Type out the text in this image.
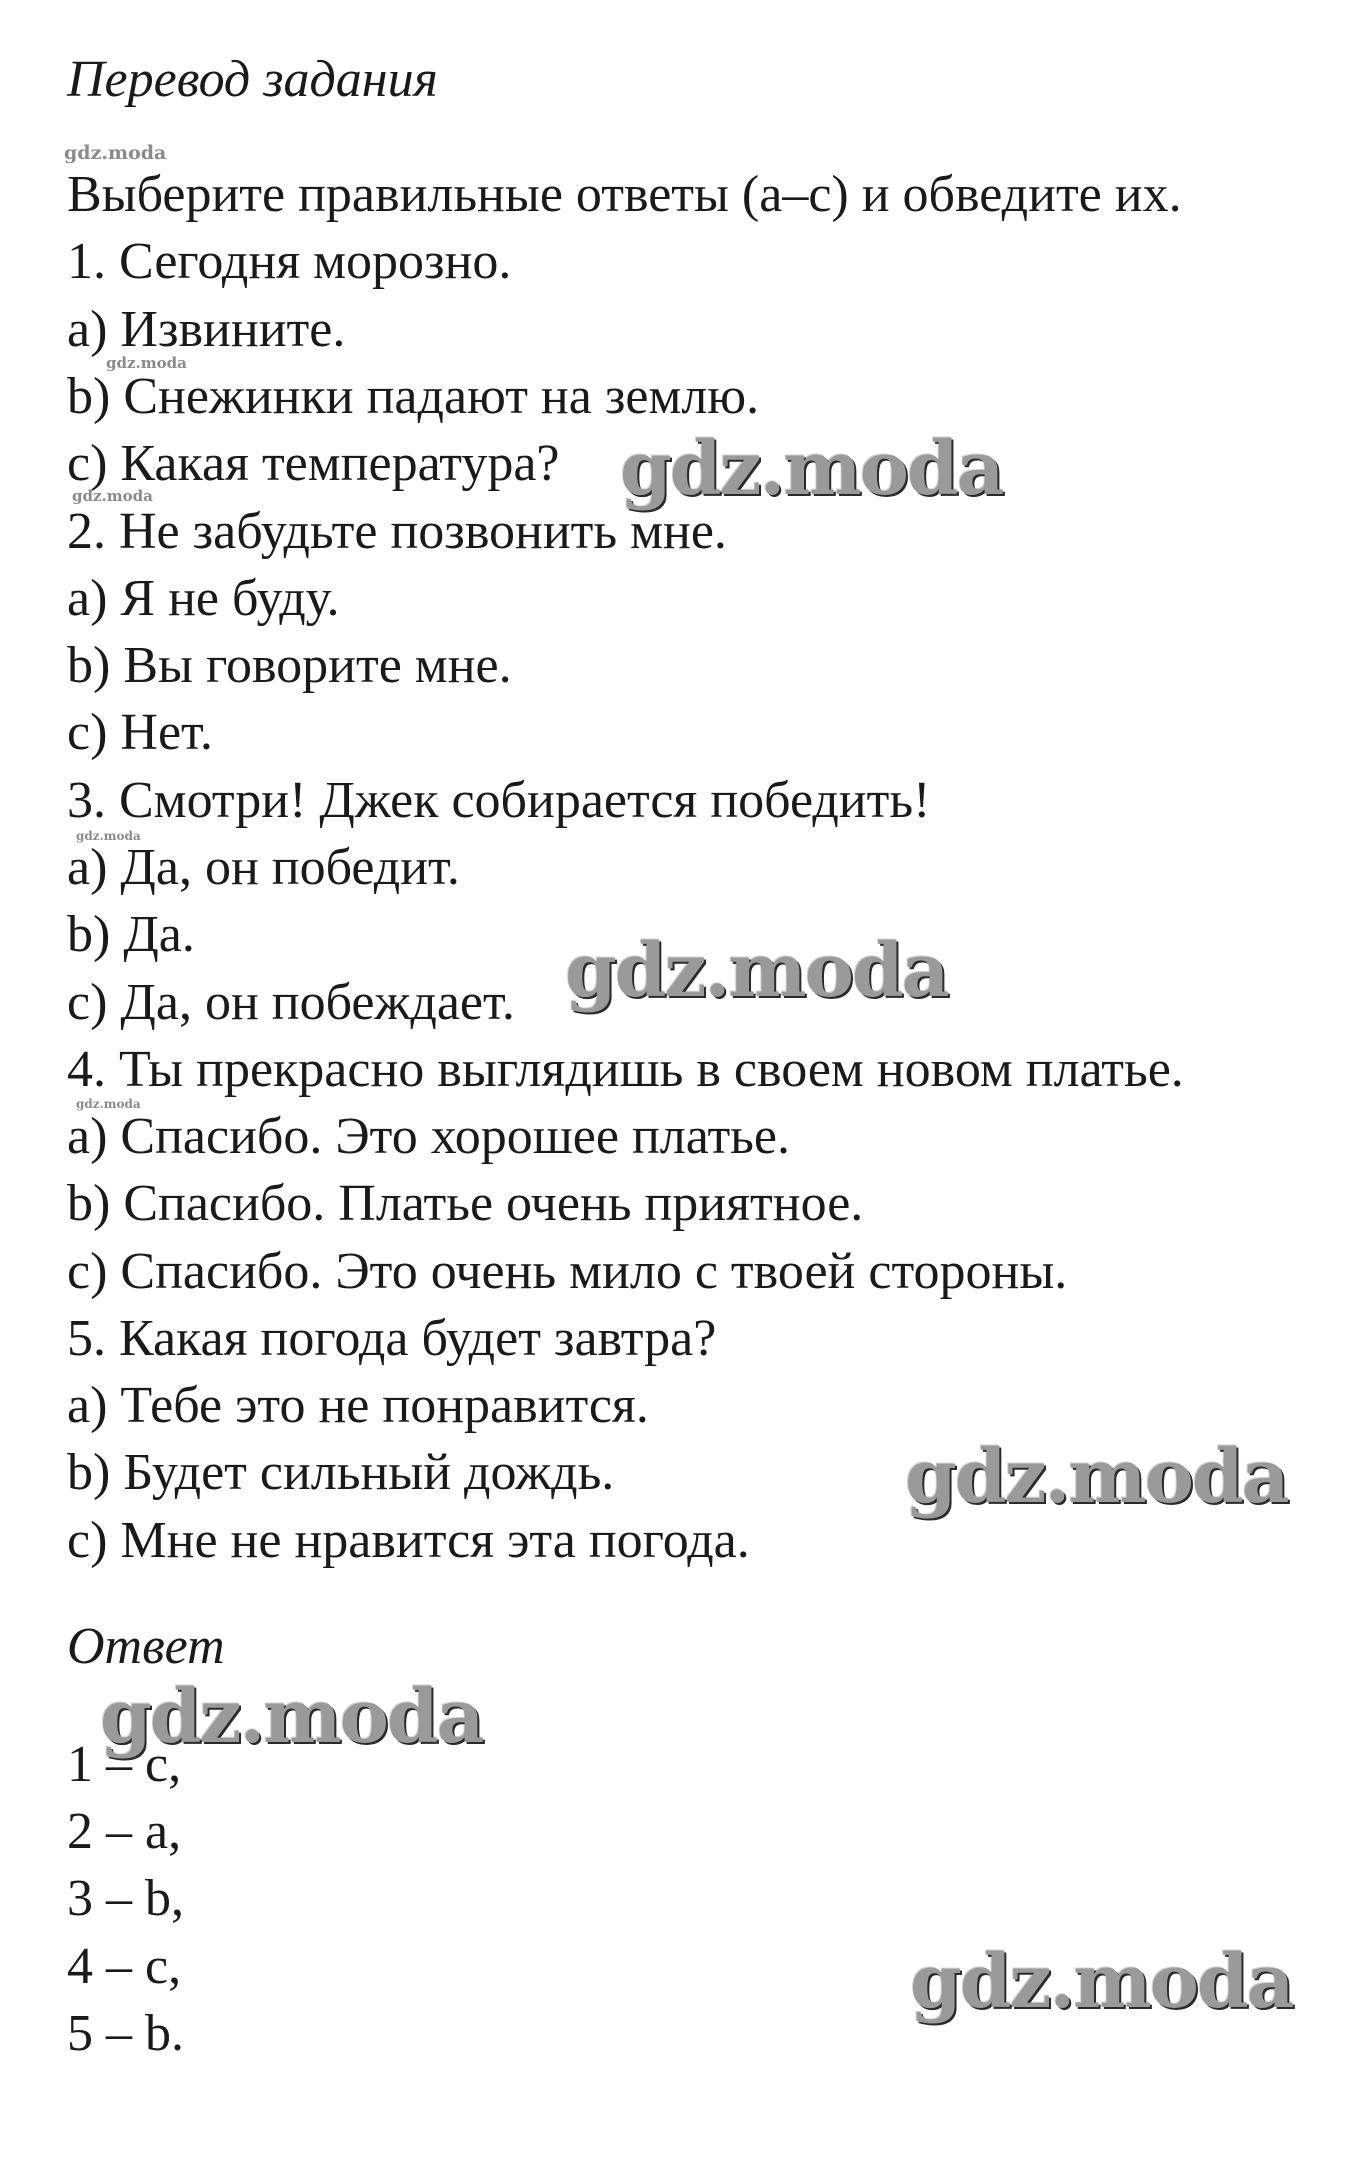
Перевод задания
Выберите правильные ответы (a–c) и обведите их.
1. Сегодня морозно.
a) Извините.
b) Снежинки падают на землю.
c) Какая температура?
2. Не забудьте позвонить мне.
a) Я не буду.
b) Вы говорите мне.
c) Нет.
3. Смотри! Джек собирается победить!
a) Да, он победит.
b) Да.
c) Да, он побеждает.
4. Ты прекрасно выглядишь в своем новом платье.
a) Спасибо. Это хорошее платье.
b) Спасибо. Платье очень приятное.
c) Спасибо. Это очень мило с твоей стороны.
5. Какая погода будет завтра?
a) Тебе это не понравится.
b) Будет сильный дождь.
c) Мне не нравится эта погода.
Ответ
1 – c,
2 – a,
3 – b,
4 – c,
5 – b.
gdz.moda
gdz.moda
gdz.moda
gdz.moda
gdz.moda
gdz.moda
gdz.moda
gdz.moda
gdz.moda
gdz.moda
